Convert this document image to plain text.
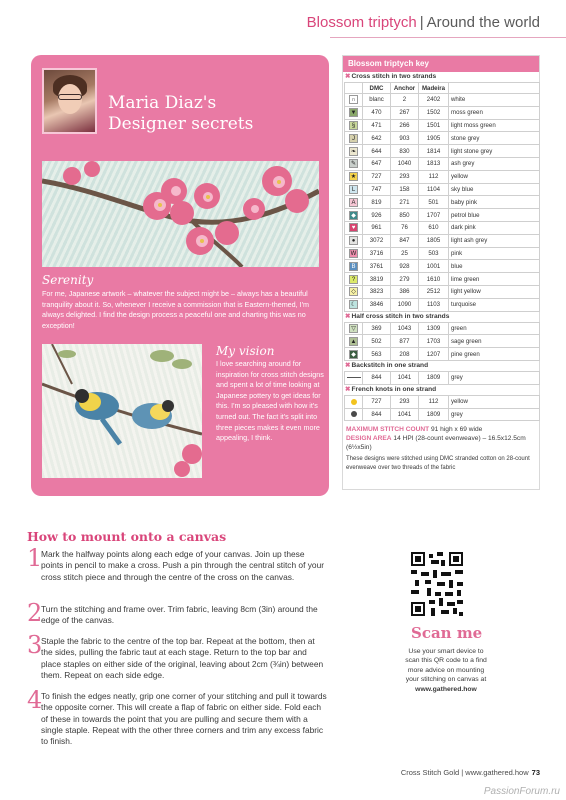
Blossom triptych | Around the world
Maria Diaz's
Designer secrets
Serenity
For me, Japanese artwork – whatever the subject might be – always has a beautiful tranquility about it. So, whenever I receive a commission that is Eastern-themed, I'm always delighted. I find the design process a peaceful one and charting this was no exception!
My vision
I love searching around for inspiration for cross stitch designs and spent a lot of time looking at Japanese pottery to get ideas for this. I'm so pleased with how it's turned out. The fact it's split into three pieces makes it even more appealing, I think.
Blossom triptych key
✖Cross stitch in two strands
	DMC	Anchor	Madeira	
∩	blanc	2	2402	white
▼	470	267	1502	moss green
§	471	266	1501	light moss green
J	642	903	1905	stone grey
❧	644	830	1814	light stone grey
✎	647	1040	1813	ash grey
★	727	293	112	yellow
L	747	158	1104	sky blue
A	819	271	501	baby pink
◆	926	850	1707	petrol blue
♥	961	76	610	dark pink
●	3072	847	1805	light ash grey
W	3716	25	503	pink
B	3761	928	1001	blue
?	3819	279	1610	lime green
◇	3823	386	2512	light yellow
☾	3846	1090	1103	turquoise
✖Half cross stitch in two strands
▽	369	1043	1309	green
▲	502	877	1703	sage green
◆	563	208	1207	pine green
✖Backstitch in one strand
	844	1041	1809	grey
✖French knots in one strand
	727	293	112	yellow
	844	1041	1809	grey
MAXIMUM STITCH COUNT 91 high x 69 wide
DESIGN AREA 14 HPI (28-count evenweave) – 16.5x12.5cm (6½x5in)
These designs were stitched using DMC stranded cotton on 28-count evenweave over two threads of the fabric
How to mount onto a canvas
1
Mark the halfway points along each edge of your canvas. Join up these points in pencil to make a cross. Push a pin through the central stitch of your cross stitch piece and through the centre of the cross on the canvas.
2
Turn the stitching and frame over. Trim fabric, leaving 8cm (3in) around the edge of the canvas.
3
Staple the fabric to the centre of the top bar. Repeat at the bottom, then at the sides, pulling the fabric taut at each stage. Return to the top bar and place staples on either side of the original, leaving about 2cm (¾in) between them. Repeat on each side edge.
4
To finish the edges neatly, grip one corner of your stitching and pull it towards the opposite corner. This will create a flap of fabric on either side. Fold each of these in towards the point that you are pulling and secure them with a single staple. Repeat with the other three corners and trim any excess fabric to finish.
Scan me
Use your smart device to scan this QR code to a find more advice on mounting your stitching on canvas at
www.gathered.how
Cross Stitch Gold | www.gathered.how 73
PassionForum.ru
